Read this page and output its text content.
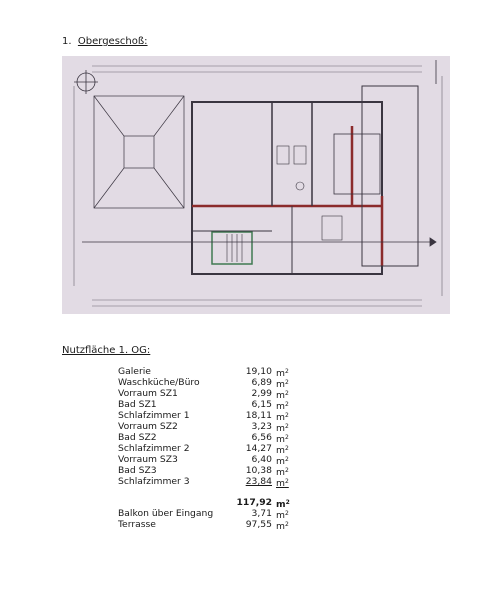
1. Obergeschoß:
Nutzfläche 1. OG:
Galerie	19,10 $m^2$
Waschküche/Büro	6,89 $m^2$
Vorraum SZ1	2,99 $m^2$
Bad SZ1	6,15 $m^2$
Schlafzimmer 1	18,11 $m^2$
Vorraum SZ2	3,23 $m^2$
Bad SZ2	6,56 $m^2$
Schlafzimmer 2	14,27 $m^2$
Vorraum SZ3	6,40 $m^2$
Bad SZ3	10,38 $m^2$
Schlafzimmer 3	23,84 $m^2$
117,92 $m^2$
Balkon über Eingang	3,71 $m^2$
Terrasse	97,55 $m^2$
